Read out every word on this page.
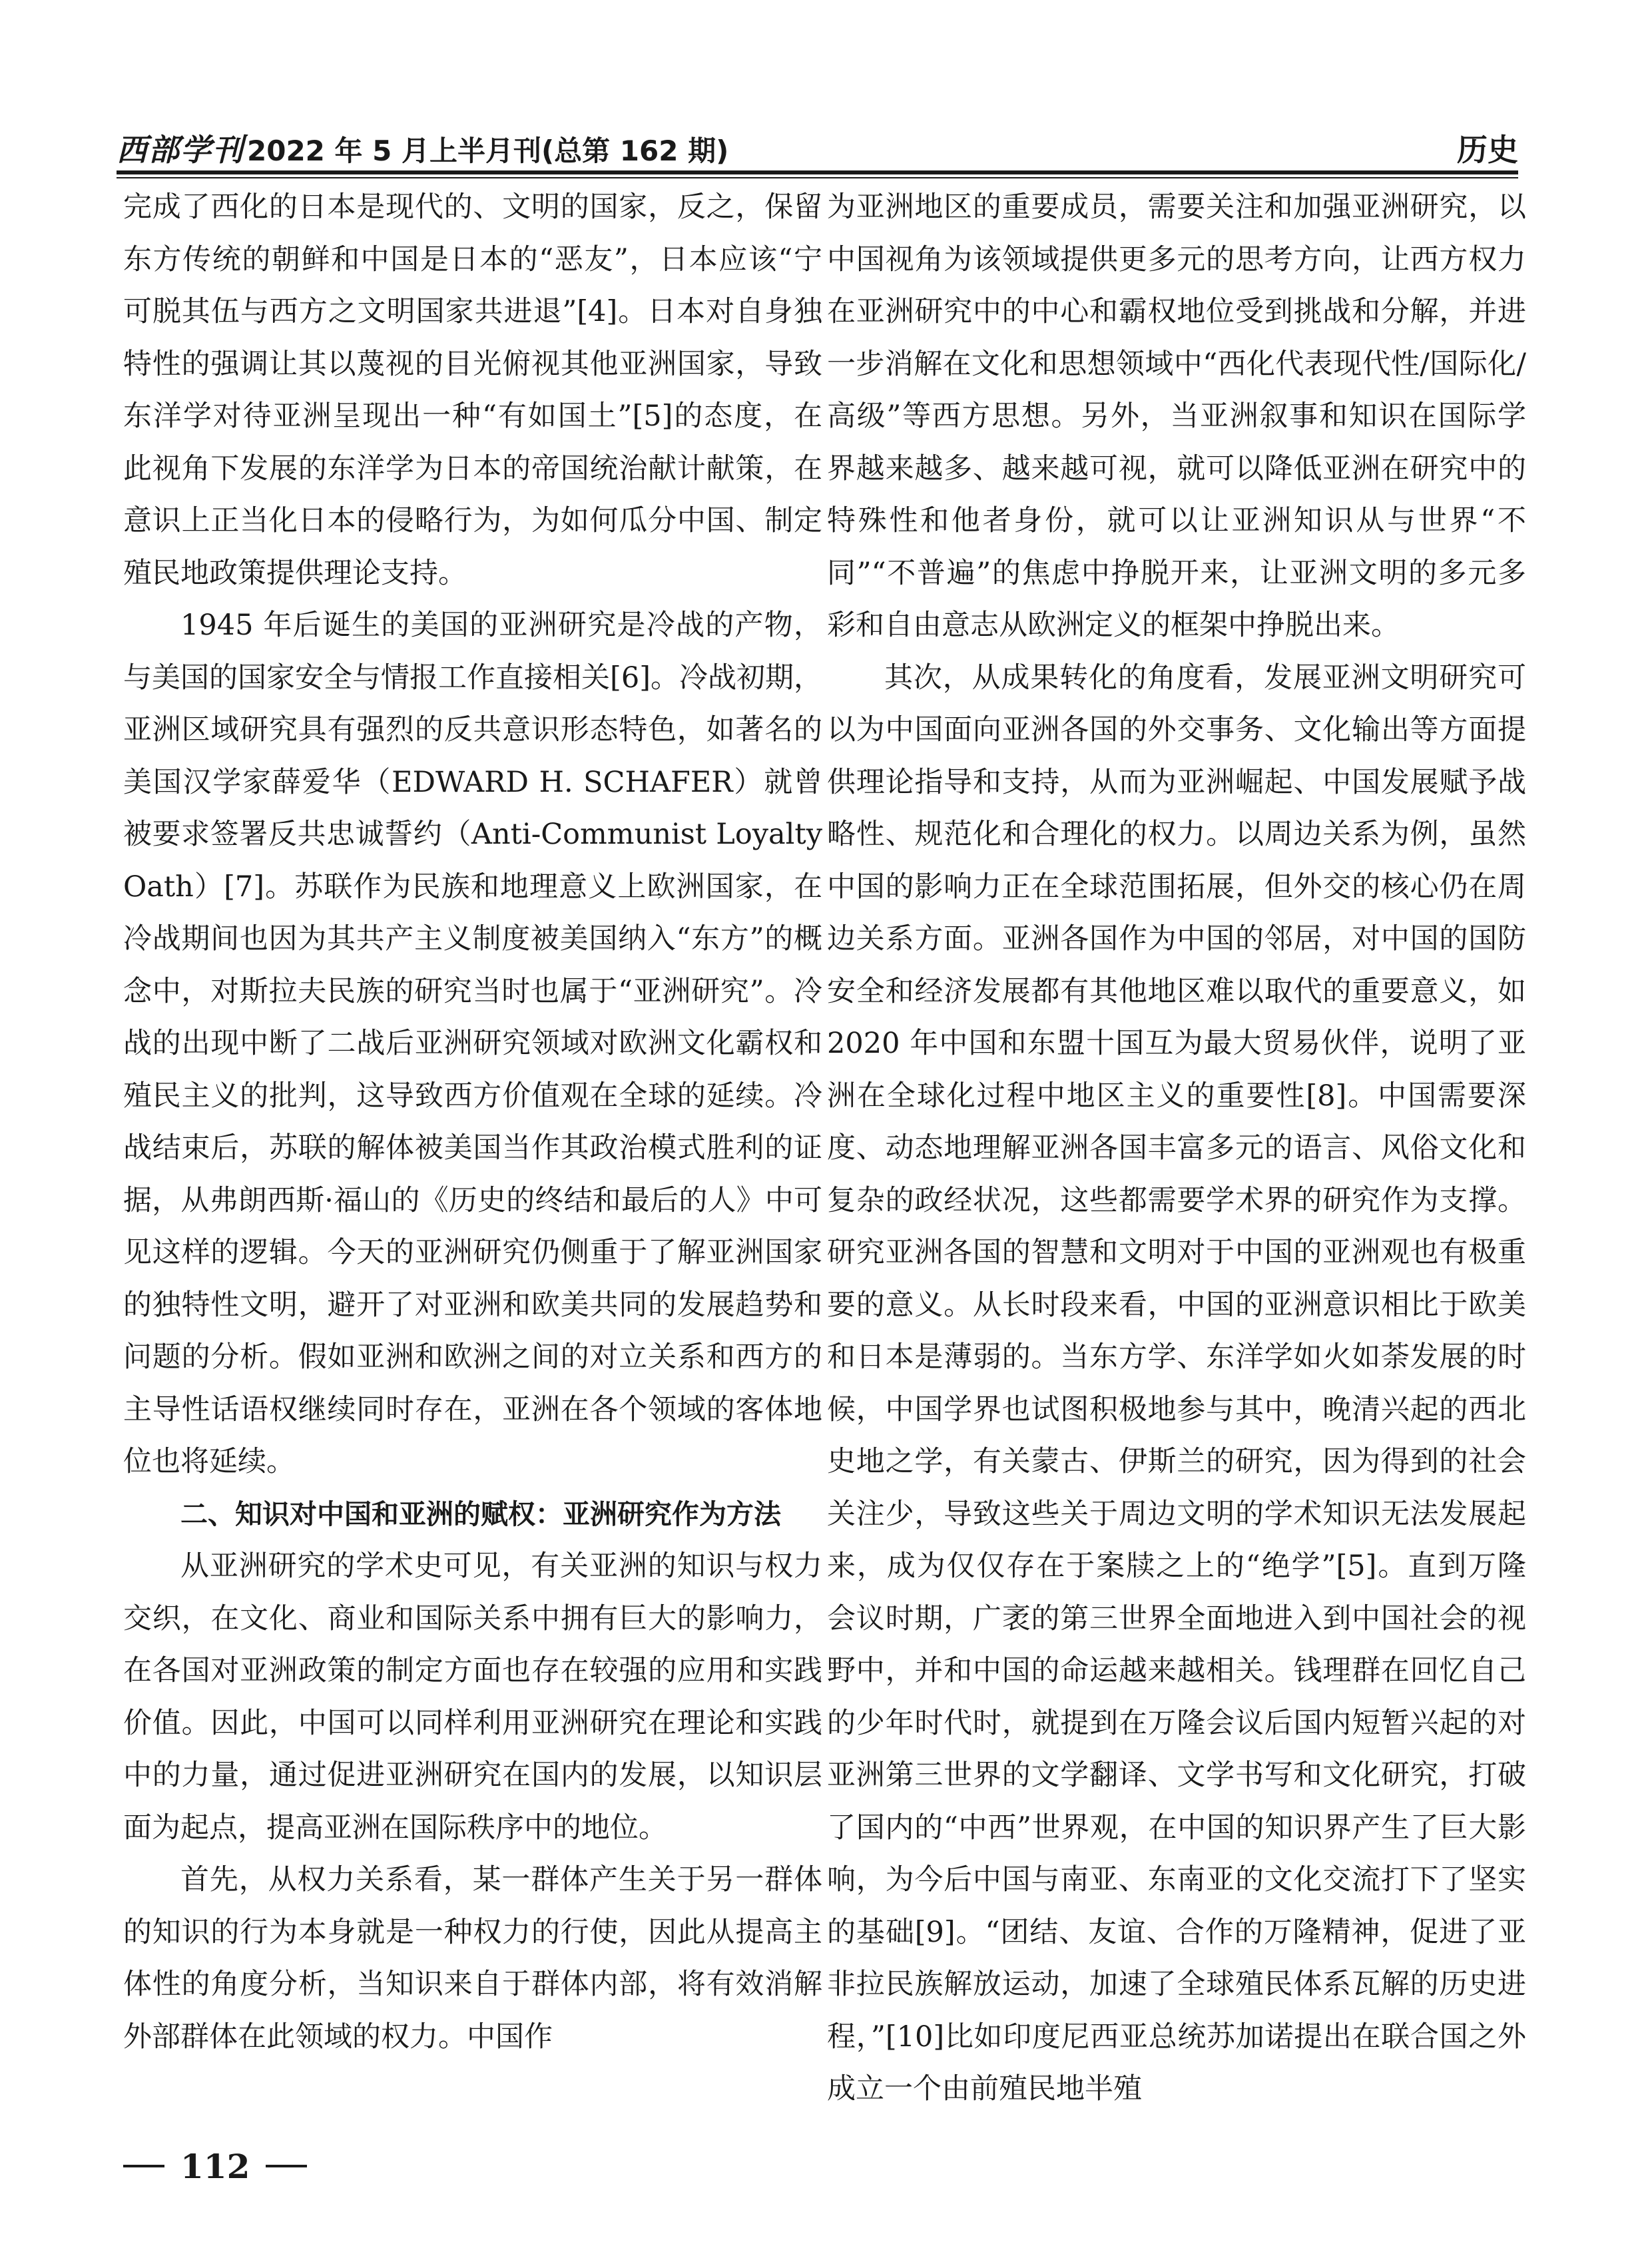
西部学刊 2022 年 5 月上半月刊(总第 162 期)	历史

完成了西化的日本是现代的、文明的国家，反之，保留东方传统的朝鲜和中国是日本的“恶友”，日本应该“宁可脱其伍与西方之文明国家共进退”[4]。日本对自身独特性的强调让其以蔑视的目光俯视其他亚洲国家，导致东洋学对待亚洲呈现出一种“有如国土”[5]的态度，在此视角下发展的东洋学为日本的帝国统治献计献策，在意识上正当化日本的侵略行为，为如何瓜分中国、制定殖民地政策提供理论支持。

1945 年后诞生的美国的亚洲研究是冷战的产物，与美国的国家安全与情报工作直接相关[6]。冷战初期，亚洲区域研究具有强烈的反共意识形态特色，如著名的美国汉学家薛爱华（EDWARD H. SCHAFER）就曾被要求签署反共忠诚誓约（Anti-Communist Loyalty Oath）[7]。苏联作为民族和地理意义上欧洲国家，在冷战期间也因为其共产主义制度被美国纳入“东方”的概念中，对斯拉夫民族的研究当时也属于“亚洲研究”。冷战的出现中断了二战后亚洲研究领域对欧洲文化霸权和殖民主义的批判，这导致西方价值观在全球的延续。冷战结束后，苏联的解体被美国当作其政治模式胜利的证据，从弗朗西斯·福山的《历史的终结和最后的人》中可见这样的逻辑。今天的亚洲研究仍侧重于了解亚洲国家的独特性文明，避开了对亚洲和欧美共同的发展趋势和问题的分析。假如亚洲和欧洲之间的对立关系和西方的主导性话语权继续同时存在，亚洲在各个领域的客体地位也将延续。

二、知识对中国和亚洲的赋权：亚洲研究作为方法

从亚洲研究的学术史可见，有关亚洲的知识与权力交织，在文化、商业和国际关系中拥有巨大的影响力，在各国对亚洲政策的制定方面也存在较强的应用和实践价值。因此，中国可以同样利用亚洲研究在理论和实践中的力量，通过促进亚洲研究在国内的发展，以知识层面为起点，提高亚洲在国际秩序中的地位。

首先，从权力关系看，某一群体产生关于另一群体的知识的行为本身就是一种权力的行使，因此从提高主体性的角度分析，当知识来自于群体内部，将有效消解外部群体在此领域的权力。中国作

为亚洲地区的重要成员，需要关注和加强亚洲研究，以中国视角为该领域提供更多元的思考方向，让西方权力在亚洲研究中的中心和霸权地位受到挑战和分解，并进一步消解在文化和思想领域中“西化代表现代性/国际化/高级”等西方思想。另外，当亚洲叙事和知识在国际学界越来越多、越来越可视，就可以降低亚洲在研究中的特殊性和他者身份，就可以让亚洲知识从与世界“不同”“不普遍”的焦虑中挣脱开来，让亚洲文明的多元多彩和自由意志从欧洲定义的框架中挣脱出来。

其次，从成果转化的角度看，发展亚洲文明研究可以为中国面向亚洲各国的外交事务、文化输出等方面提供理论指导和支持，从而为亚洲崛起、中国发展赋予战略性、规范化和合理化的权力。以周边关系为例，虽然中国的影响力正在全球范围拓展，但外交的核心仍在周边关系方面。亚洲各国作为中国的邻居，对中国的国防安全和经济发展都有其他地区难以取代的重要意义，如 2020 年中国和东盟十国互为最大贸易伙伴，说明了亚洲在全球化过程中地区主义的重要性[8]。中国需要深度、动态地理解亚洲各国丰富多元的语言、风俗文化和复杂的政经状况，这些都需要学术界的研究作为支撑。研究亚洲各国的智慧和文明对于中国的亚洲观也有极重要的意义。从长时段来看，中国的亚洲意识相比于欧美和日本是薄弱的。当东方学、东洋学如火如荼发展的时候，中国学界也试图积极地参与其中，晚清兴起的西北史地之学，有关蒙古、伊斯兰的研究，因为得到的社会关注少，导致这些关于周边文明的学术知识无法发展起来，成为仅仅存在于案牍之上的“绝学”[5]。直到万隆会议时期，广袤的第三世界全面地进入到中国社会的视野中，并和中国的命运越来越相关。钱理群在回忆自己的少年时代时，就提到在万隆会议后国内短暂兴起的对亚洲第三世界的文学翻译、文学书写和文化研究，打破了国内的“中西”世界观，在中国的知识界产生了巨大影响，为今后中国与南亚、东南亚的文化交流打下了坚实的基础[9]。“团结、友谊、合作的万隆精神，促进了亚非拉民族解放运动，加速了全球殖民体系瓦解的历史进程，”[10]比如印度尼西亚总统苏加诺提出在联合国之外成立一个由前殖民地半殖

112
